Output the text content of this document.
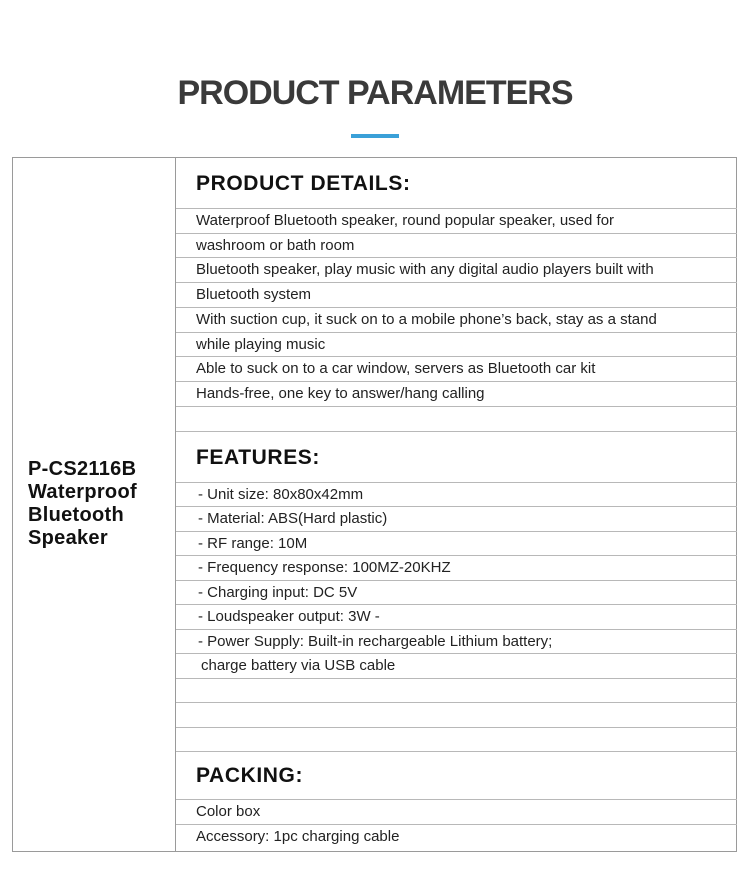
PRODUCT PARAMETERS
P-CS2116B
Waterproof
Bluetooth
Speaker
PRODUCT DETAILS:
Waterproof Bluetooth speaker, round popular speaker, used for
washroom or bath room
Bluetooth speaker, play music with any digital audio players built with
Bluetooth system
With suction cup, it suck on to a mobile phone’s back, stay as a stand
while playing music
Able to suck on to a car window, servers as Bluetooth car kit
Hands-free, one key to answer/hang calling
FEATURES:
- Unit size: 80x80x42mm
- Material: ABS(Hard plastic)
- RF range: 10M
- Frequency response: 100MZ-20KHZ
- Charging input: DC 5V
- Loudspeaker output: 3W -
- Power Supply: Built-in rechargeable Lithium battery;
charge battery via USB cable
PACKING:
Color box
Accessory: 1pc charging cable
